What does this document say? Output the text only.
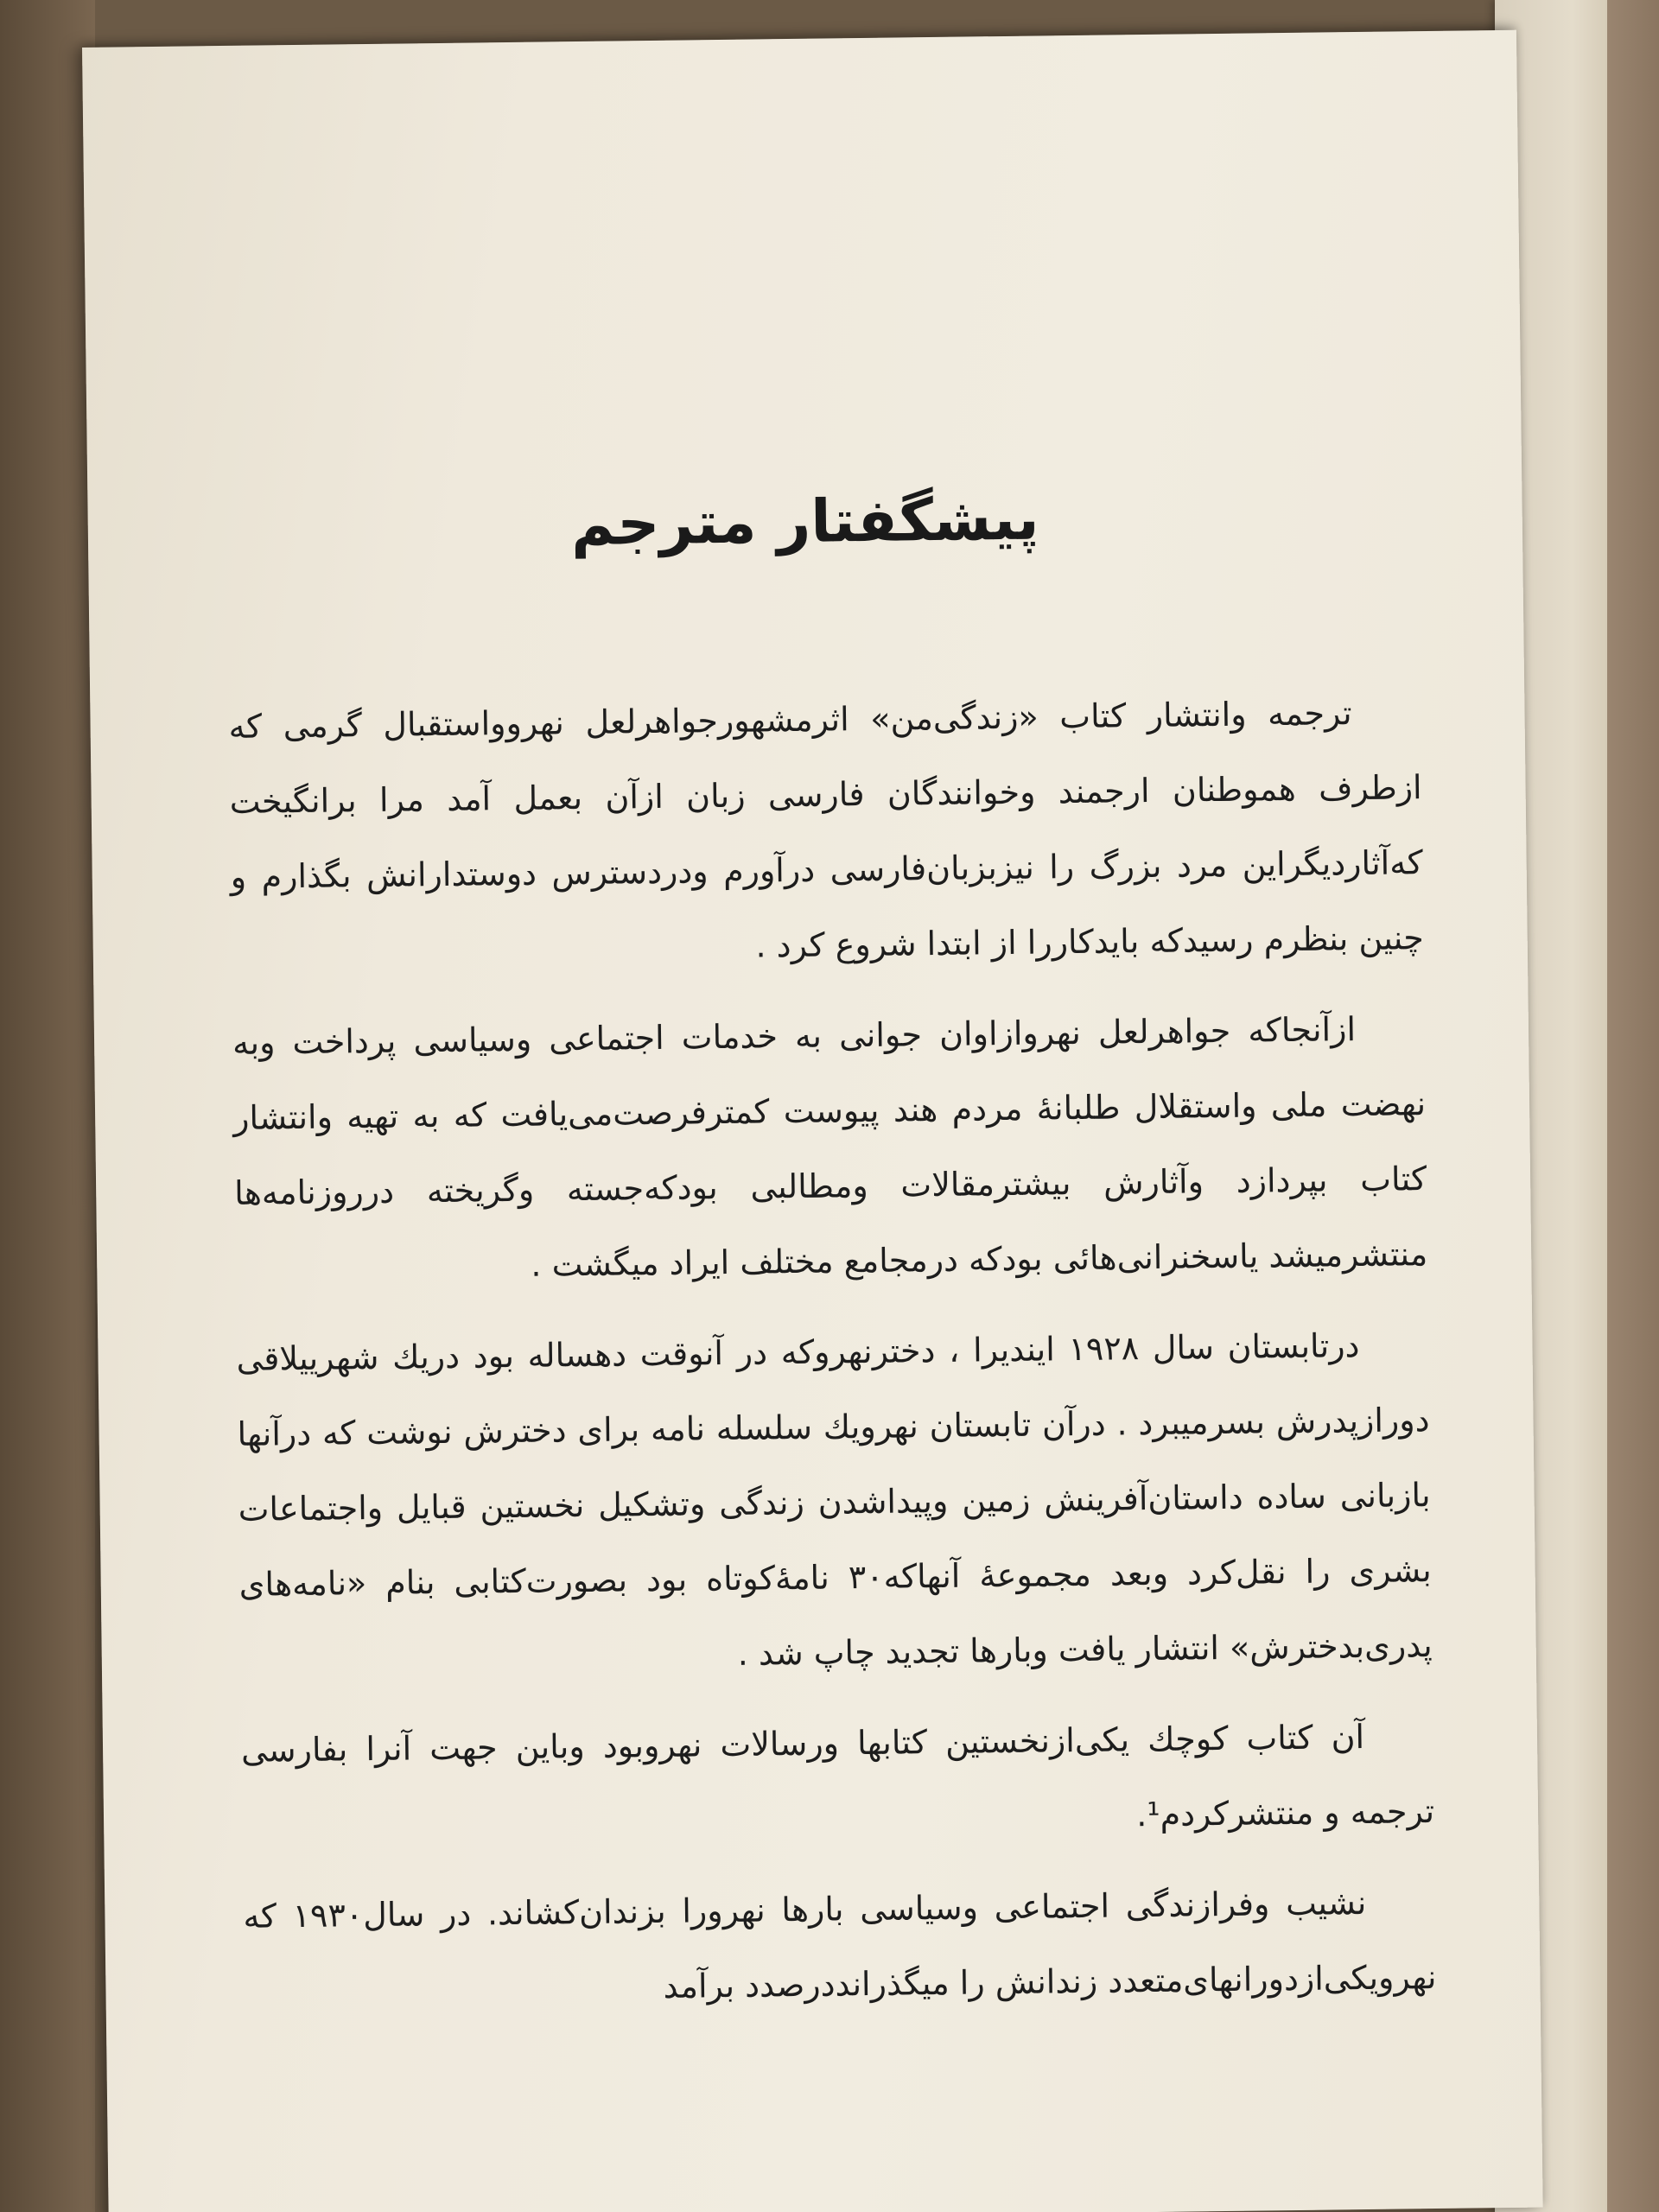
پیشگفتار مترجم

ترجمه وانتشار کتاب «زندگی‌من» اثرمشهورجواهرلعل نهروواستقبال گرمی که ازطرف هموطنان ارجمند وخوانندگان فارسی زبان ازآن بعمل آمد مرا برانگیخت که‌آثاردیگراین مرد بزرگ را نیزبزبان‌فارسی درآورم ودردسترس دوستدارانش بگذارم و چنین بنظرم رسیدکه بایدکاررا از ابتدا شروع کرد .

ازآنجاکه جواهرلعل نهروازاوان جوانی به خدمات اجتماعی وسیاسی پرداخت وبه نهضت ملی واستقلال طلبانهٔ مردم هند پیوست کمترفرصت‌می‌یافت که به تهیه وانتشار کتاب بپردازد وآثارش بیشترمقالات ومطالبی بودکه‌جسته وگریخته درروزنامه‌ها منتشرمیشد یاسخنرانی‌هائی بودکه درمجامع مختلف ایراد میگشت .

درتابستان سال ۱۹۲۸ ایندیرا ، دخترنهروکه در آنوقت دهساله بود دریك شهرییلاقی دورازپدرش بسرمیبرد . درآن تابستان نهرویك سلسله نامه برای دخترش نوشت که درآنها بازبانی ساده داستان‌آفرینش زمین وپیداشدن زندگی وتشکیل نخستین قبایل واجتماعات بشری را نقل‌کرد وبعد مجموعهٔ آنهاکه۳۰ نامهٔ‌کوتاه بود بصورت‌کتابی بنام «نامه‌های پدری‌بدخترش» انتشار یافت وبارها تجدید چاپ شد .

آن کتاب کوچك یکی‌ازنخستین کتابها ورسالات نهروبود وباین جهت آنرا بفارسی ترجمه و منتشرکردم¹.

نشیب وفرازندگی اجتماعی وسیاسی بارها نهرورا بزندان‌کشاند. در سال۱۹۳۰ که نهرویکی‌ازدورانهای‌متعدد زندانش را میگذرانددرصدد برآمد
